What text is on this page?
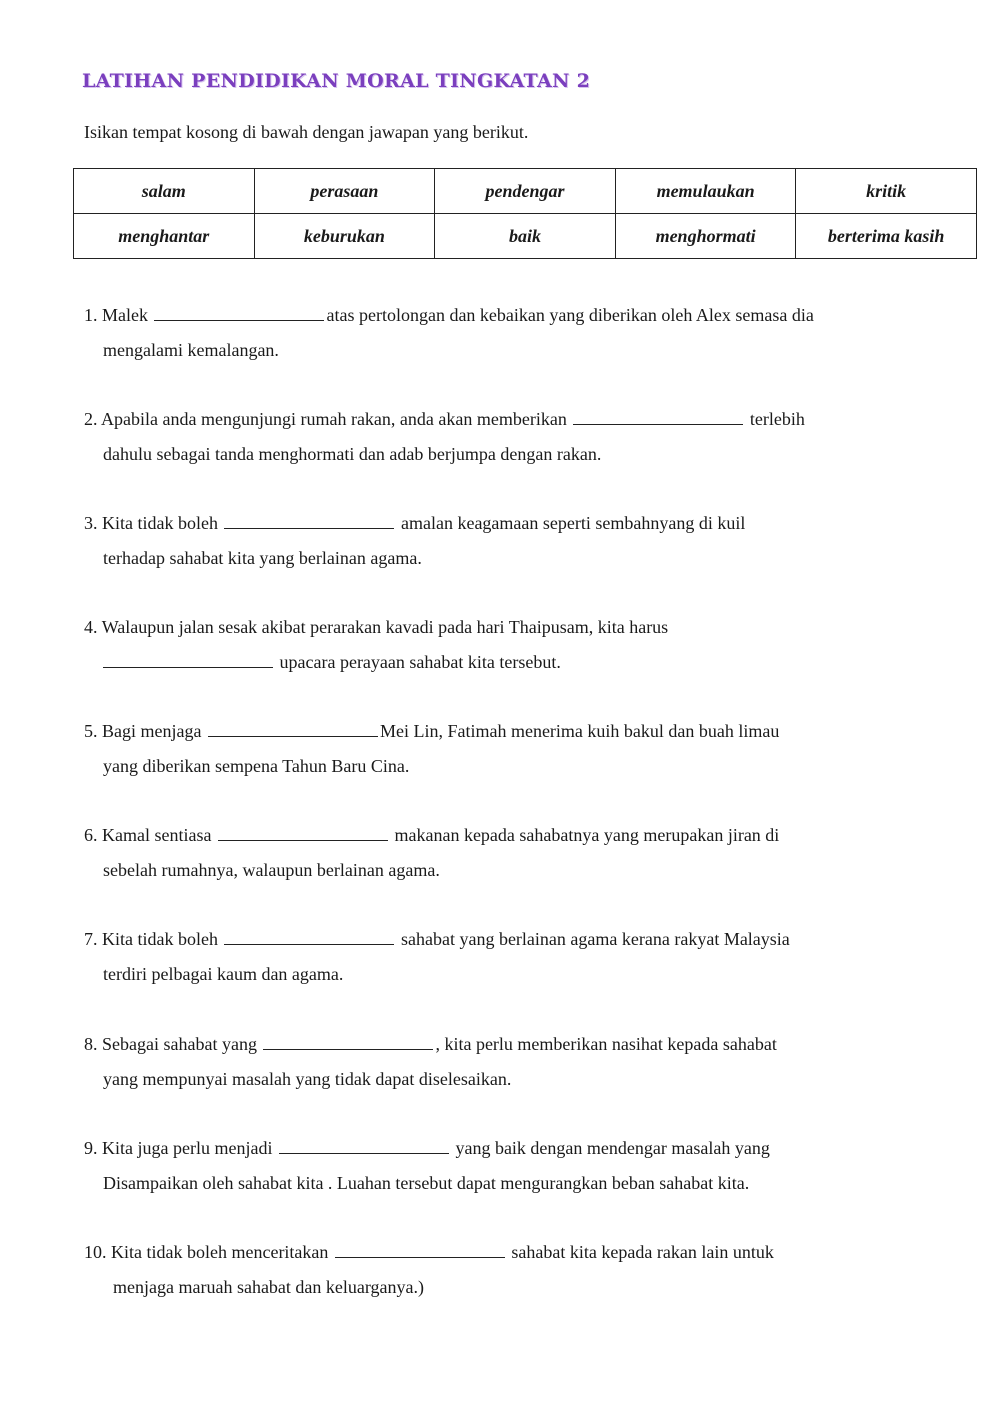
LATIHAN PENDIDIKAN MORAL TINGKATAN 2
Isikan tempat kosong di bawah dengan jawapan yang berikut.
salam	perasaan	pendengar	memulaukan	kritik
menghantar	keburukan	baik	menghormati	berterima kasih
1. Malek	atas pertolongan dan kebaikan yang diberikan oleh Alex semasa dia
mengalami kemalangan.
2. Apabila anda mengunjungi rumah rakan, anda akan memberikan	terlebih
dahulu sebagai tanda menghormati dan adab berjumpa dengan rakan.
3. Kita tidak boleh	amalan keagamaan seperti sembahnyang di kuil
terhadap sahabat kita yang berlainan agama.
4. Walaupun jalan sesak akibat perarakan kavadi pada hari Thaipusam, kita harus
upacara perayaan sahabat kita tersebut.
5. Bagi menjaga	Mei Lin, Fatimah menerima kuih bakul dan buah limau
yang diberikan sempena Tahun Baru Cina.
6. Kamal sentiasa	makanan kepada sahabatnya yang merupakan jiran di
sebelah rumahnya, walaupun berlainan agama.
7. Kita tidak boleh	sahabat yang berlainan agama kerana rakyat Malaysia
terdiri pelbagai kaum dan agama.
8. Sebagai sahabat yang	, kita perlu memberikan nasihat kepada sahabat
yang mempunyai masalah yang tidak dapat diselesaikan.
9. Kita juga perlu menjadi	yang baik dengan mendengar masalah yang
Disampaikan oleh sahabat kita . Luahan tersebut dapat mengurangkan beban sahabat kita.
10. Kita tidak boleh menceritakan	sahabat kita kepada rakan lain untuk
menjaga maruah sahabat dan keluarganya.)
